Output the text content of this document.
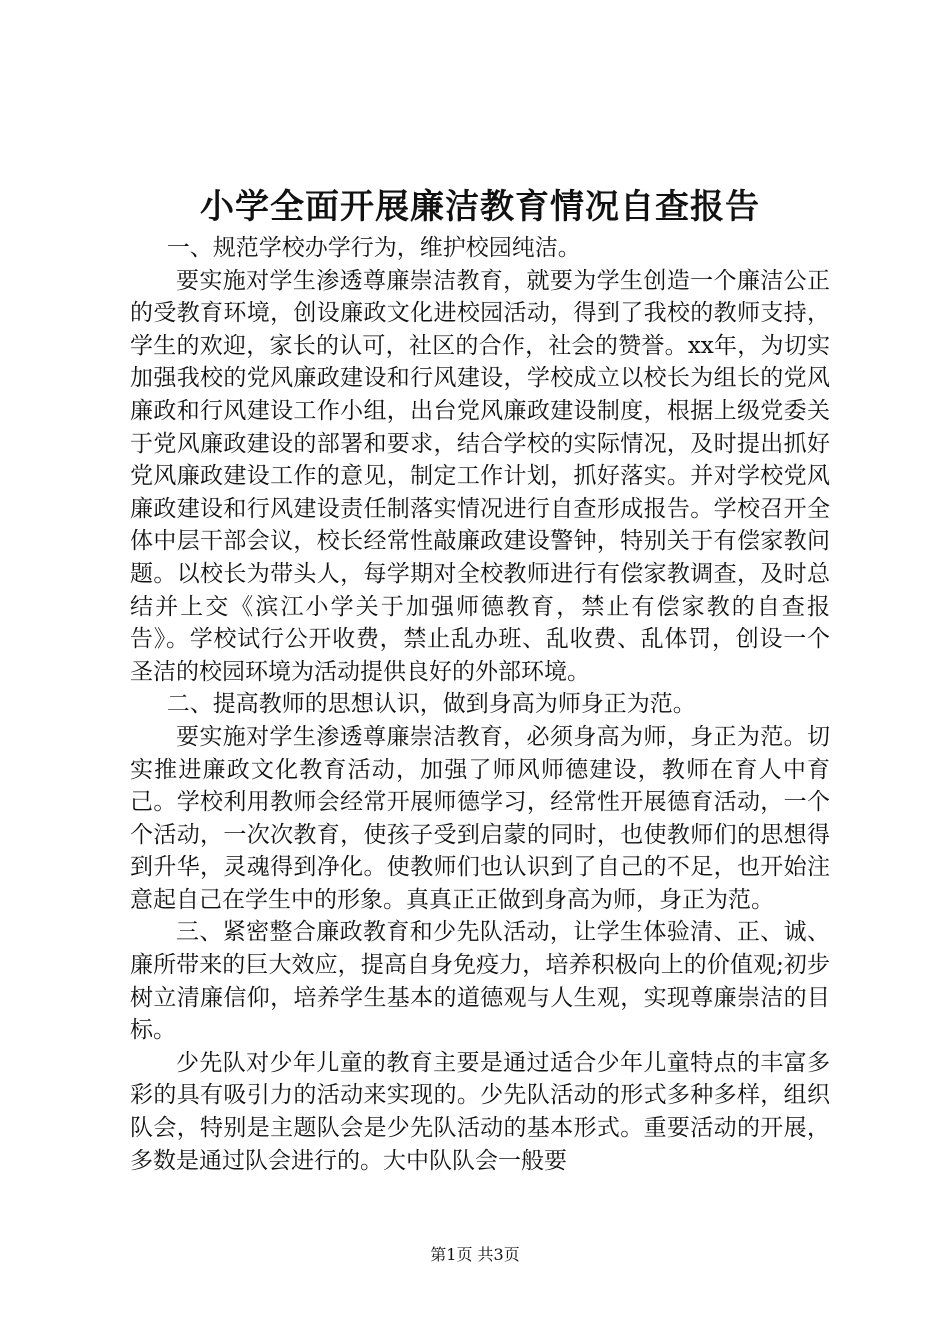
小学全面开展廉洁教育情况自查报告

一、规范学校办学行为，维护校园纯洁。

要实施对学生渗透尊廉崇洁教育，就要为学生创造一个廉洁公正的受教育环境，创设廉政文化进校园活动，得到了我校的教师支持，学生的欢迎，家长的认可，社区的合作，社会的赞誉。xx年，为切实加强我校的党风廉政建设和行风建设，学校成立以校长为组长的党风廉政和行风建设工作小组，出台党风廉政建设制度，根据上级党委关于党风廉政建设的部署和要求，结合学校的实际情况，及时提出抓好党风廉政建设工作的意见，制定工作计划，抓好落实。并对学校党风廉政建设和行风建设责任制落实情况进行自查形成报告。学校召开全体中层干部会议，校长经常性敲廉政建设警钟，特别关于有偿家教问题。以校长为带头人，每学期对全校教师进行有偿家教调查，及时总结并上交《滨江小学关于加强师德教育，禁止有偿家教的自查报告》。学校试行公开收费，禁止乱办班、乱收费、乱体罚，创设一个圣洁的校园环境为活动提供良好的外部环境。

二、提高教师的思想认识，做到身高为师身正为范。

要实施对学生渗透尊廉崇洁教育，必须身高为师，身正为范。切实推进廉政文化教育活动，加强了师风师德建设，教师在育人中育己。学校利用教师会经常开展师德学习，经常性开展德育活动，一个个活动，一次次教育，使孩子受到启蒙的同时，也使教师们的思想得到升华，灵魂得到净化。使教师们也认识到了自己的不足，也开始注意起自己在学生中的形象。真真正正做到身高为师，身正为范。

三、紧密整合廉政教育和少先队活动，让学生体验清、正、诚、廉所带来的巨大效应，提高自身免疫力，培养积极向上的价值观;初步树立清廉信仰，培养学生基本的道德观与人生观，实现尊廉崇洁的目标。

少先队对少年儿童的教育主要是通过适合少年儿童特点的丰富多彩的具有吸引力的活动来实现的。少先队活动的形式多种多样，组织队会，特别是主题队会是少先队活动的基本形式。重要活动的开展，多数是通过队会进行的。大中队队会一般要

第1页 共3页
